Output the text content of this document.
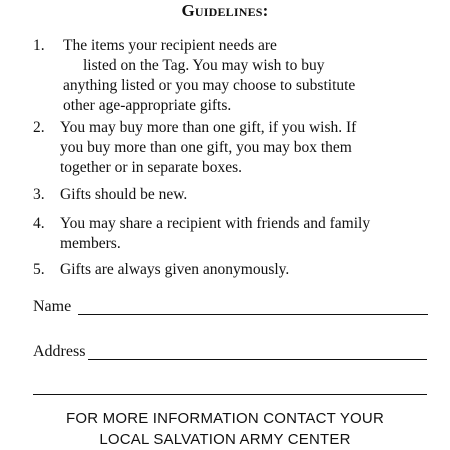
Guidelines:
1. The items your recipient needs are
listed on the Tag. You may wish to buy
anything listed or you may choose to substitute
other age-appropriate gifts.
2. You may buy more than one gift, if you wish. If
you buy more than one gift, you may box them
together or in separate boxes.
3. Gifts should be new.
4. You may share a recipient with friends and family
members.
5. Gifts are always given anonymously.
Name
Address
FOR MORE INFORMATION CONTACT YOUR
LOCAL SALVATION ARMY CENTER
